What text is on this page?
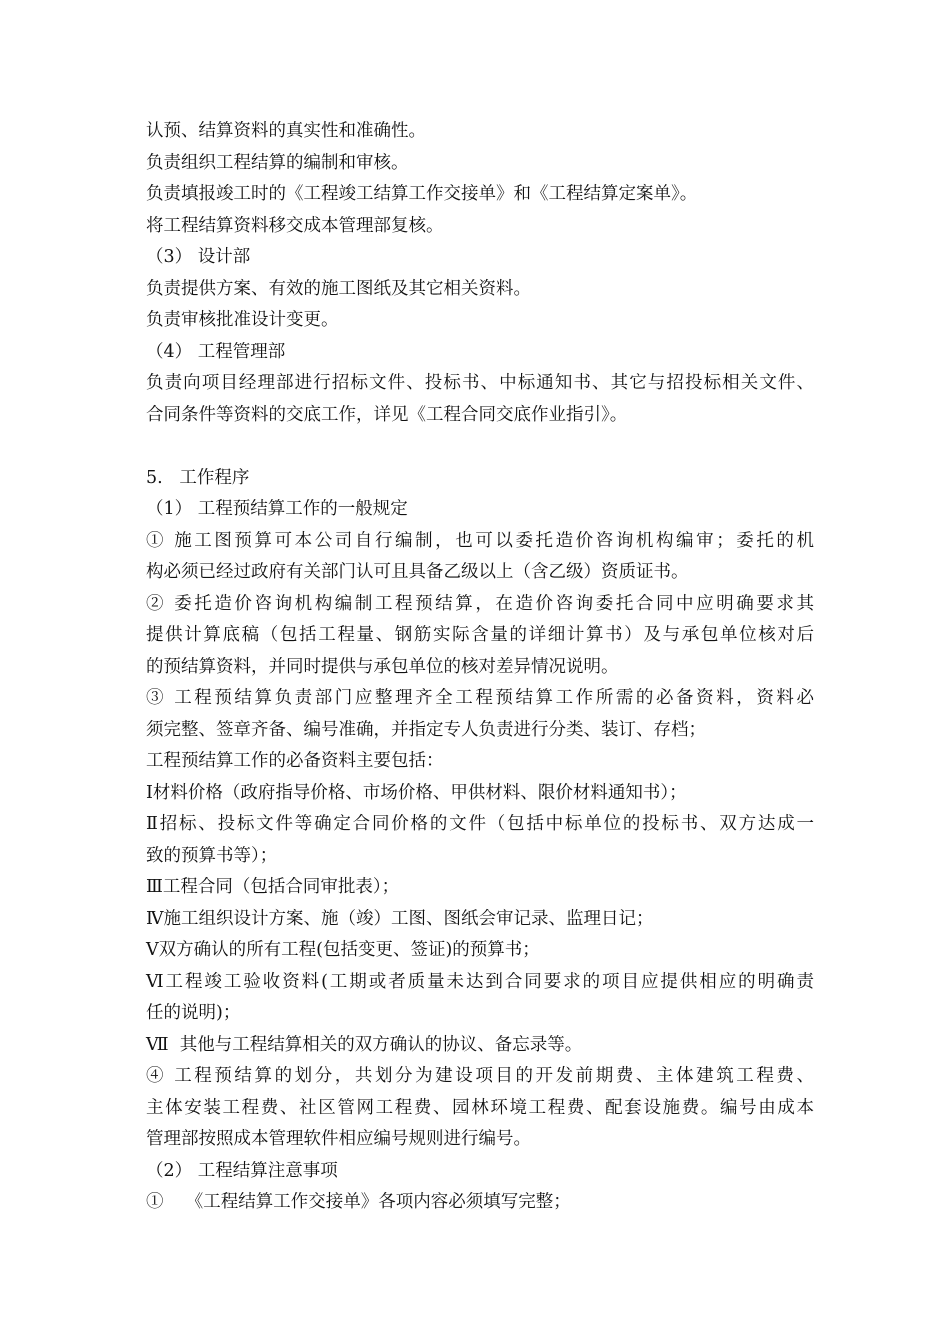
认预、结算资料的真实性和准确性。

负责组织工程结算的编制和审核。

负责填报竣工时的《工程竣工结算工作交接单》和《工程结算定案单》。

将工程结算资料移交成本管理部复核。

（3） 设计部

负责提供方案、有效的施工图纸及其它相关资料。

负责审核批准设计变更。

（4） 工程管理部

负责向项目经理部进行招标文件、投标书、中标通知书、其它与招投标相关文件、

合同条件等资料的交底工作，详见《工程合同交底作业指引》。

5.   工作程序

（1） 工程预结算工作的一般规定

① 施工图预算可本公司自行编制，也可以委托造价咨询机构编审；委托的机

构必须已经过政府有关部门认可且具备乙级以上（含乙级）资质证书。

② 委托造价咨询机构编制工程预结算，在造价咨询委托合同中应明确要求其

提供计算底稿（包括工程量、钢筋实际含量的详细计算书）及与承包单位核对后

的预结算资料，并同时提供与承包单位的核对差异情况说明。

③ 工程预结算负责部门应整理齐全工程预结算工作所需的必备资料，资料必

须完整、签章齐备、编号准确，并指定专人负责进行分类、装订、存档；

工程预结算工作的必备资料主要包括：

Ⅰ材料价格（政府指导价格、市场价格、甲供材料、限价材料通知书）；

Ⅱ招标、投标文件等确定合同价格的文件（包括中标单位的投标书、双方达成一

致的预算书等）；

Ⅲ工程合同（包括合同审批表）；

Ⅳ施工组织设计方案、施（竣）工图、图纸会审记录、监理日记；

Ⅴ双方确认的所有工程(包括变更、签证)的预算书；

Ⅵ工程竣工验收资料(工期或者质量未达到合同要求的项目应提供相应的明确责

任的说明)；

Ⅶ  其他与工程结算相关的双方确认的协议、备忘录等。

④ 工程预结算的划分，共划分为建设项目的开发前期费、主体建筑工程费、

主体安装工程费、社区管网工程费、园林环境工程费、配套设施费。编号由成本

管理部按照成本管理软件相应编号规则进行编号。

（2） 工程结算注意事项

①    《工程结算工作交接单》各项内容必须填写完整；
